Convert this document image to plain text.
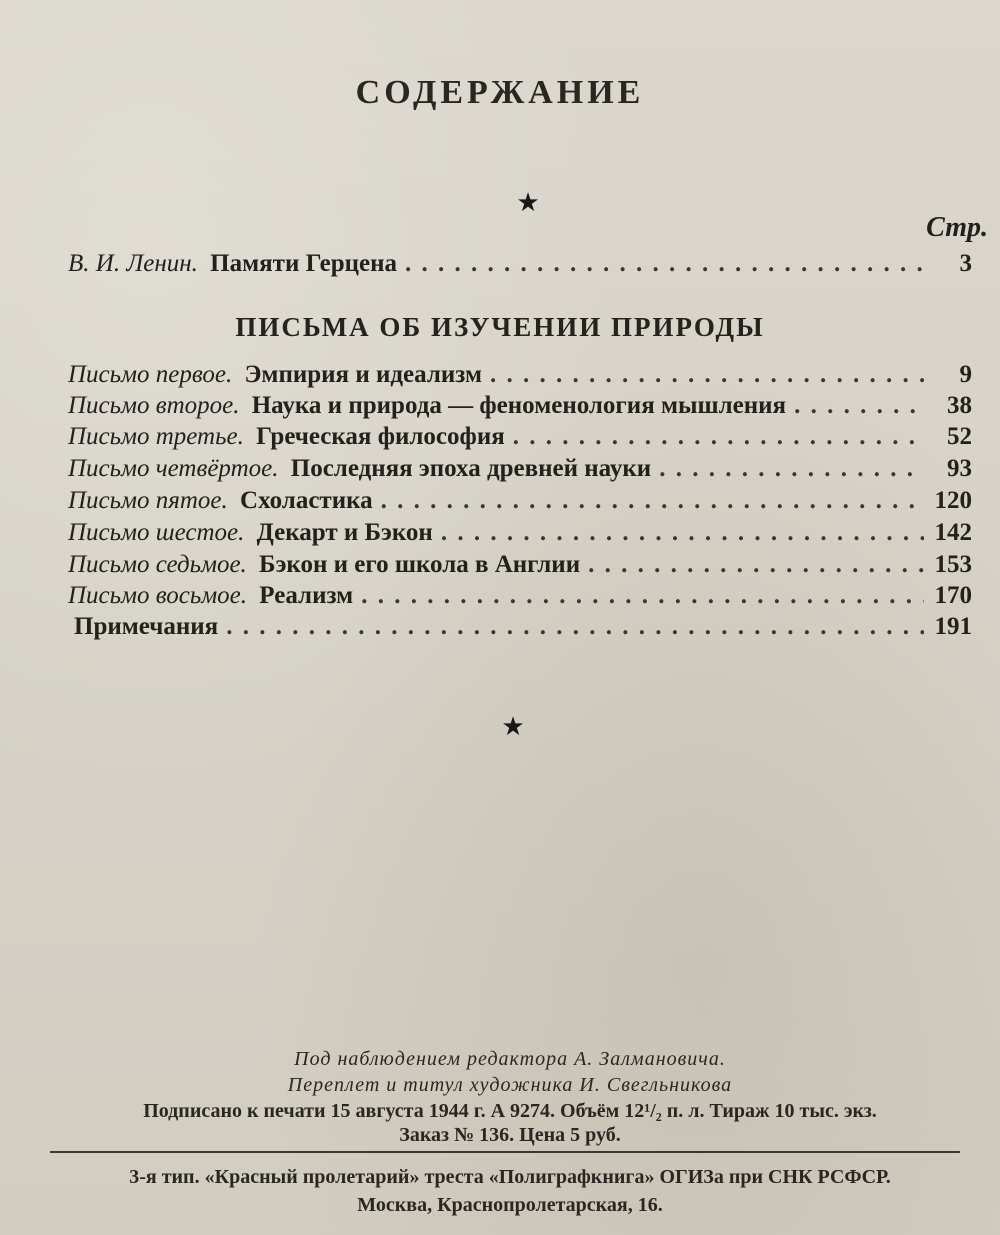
СОДЕРЖАНИЕ
★
Стр.
В. И. Ленин. Памяти Герцена . . .	3
ПИСЬМА ОБ ИЗУЧЕНИИ ПРИРОДЫ
Письмо первое. Эмпирия и идеализм . . .	9
Письмо второе. Наука и природа — феноменология мышления . . .	38
Письмо третье. Греческая философия . . .	52
Письмо четвёртое. Последняя эпоха древней науки . . .	93
Письмо пятое. Схоластика . . .	120
Письмо шестое. Декарт и Бэкон . . .	142
Письмо седьмое. Бэкон и его школа в Англии . . .	153
Письмо восьмое. Реализм . . .	170
Примечания . . .	191
★
Под наблюдением редактора А. Залмановича.
Переплет и титул художника И. Свегльникова
Подписано к печати 15 августа 1944 г. А 9274. Объём 12¹/₂ п. л. Тираж 10 тыс. экз.
Заказ № 136. Цена 5 руб.
3-я тип. «Красный пролетарий» треста «Полиграфкнига» ОГИЗа при СНК РСФСР.
Москва, Краснопролетарская, 16.
